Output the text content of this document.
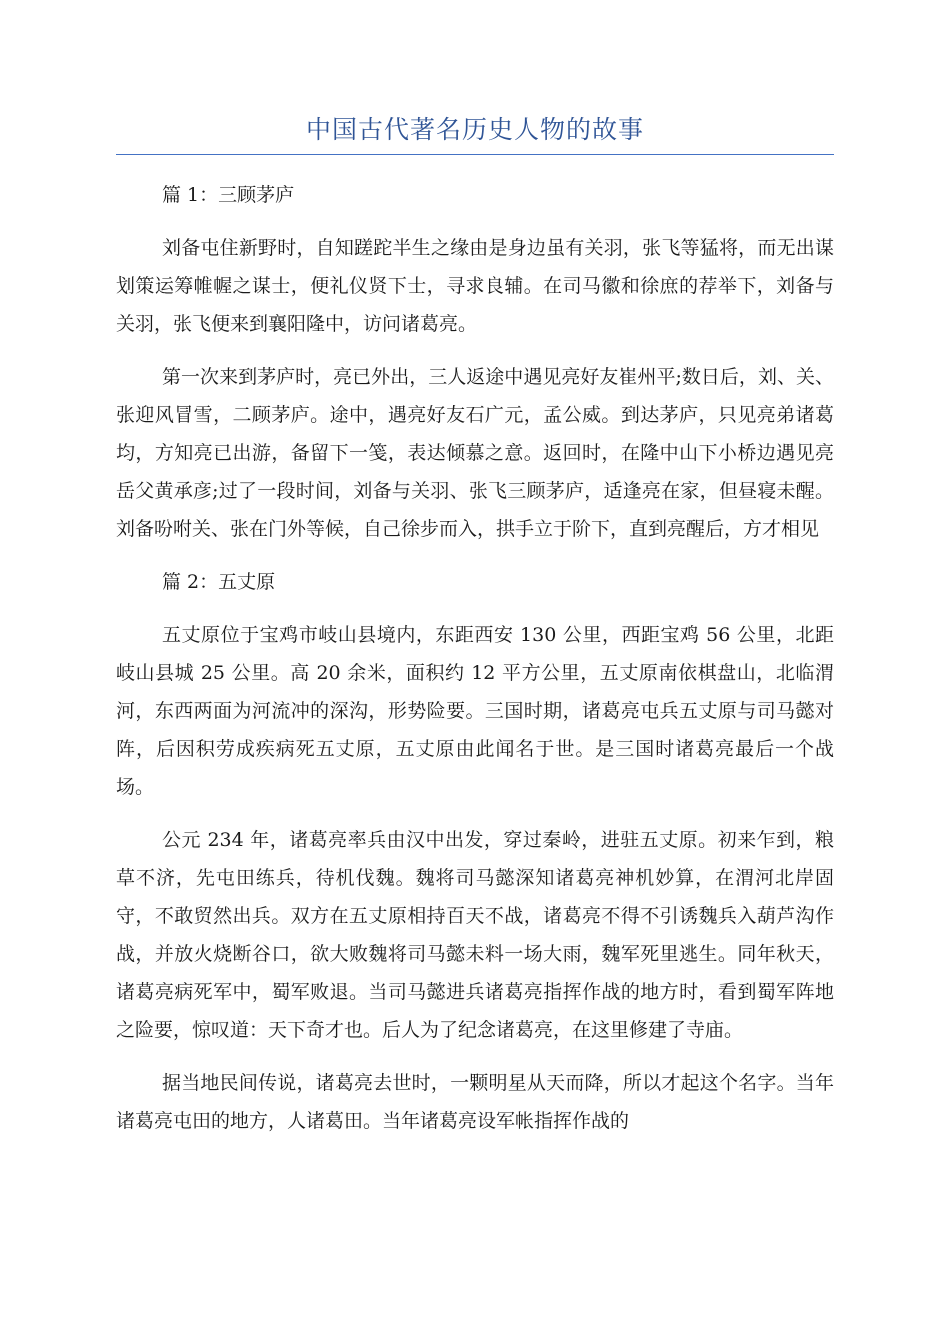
中国古代著名历史人物的故事
篇 1：三顾茅庐

刘备屯住新野时，自知蹉跎半生之缘由是身边虽有关羽，张飞等猛将，而无出谋划策运筹帷幄之谋士，便礼仪贤下士，寻求良辅。在司马徽和徐庶的荐举下，刘备与关羽，张飞便来到襄阳隆中，访问诸葛亮。

第一次来到茅庐时，亮已外出，三人返途中遇见亮好友崔州平;数日后，刘、关、张迎风冒雪，二顾茅庐。途中，遇亮好友石广元，孟公威。到达茅庐，只见亮弟诸葛均，方知亮已出游，备留下一笺，表达倾慕之意。返回时，在隆中山下小桥边遇见亮岳父黄承彦;过了一段时间，刘备与关羽、张飞三顾茅庐，适逢亮在家，但昼寝未醒。刘备吩咐关、张在门外等候，自己徐步而入，拱手立于阶下，直到亮醒后，方才相见

篇 2：五丈原

五丈原位于宝鸡市岐山县境内，东距西安 130 公里，西距宝鸡 56 公里，北距岐山县城 25 公里。高 20 余米，面积约 12 平方公里，五丈原南依棋盘山，北临渭河，东西两面为河流冲的深沟，形势险要。三国时期，诸葛亮屯兵五丈原与司马懿对阵，后因积劳成疾病死五丈原，五丈原由此闻名于世。是三国时诸葛亮最后一个战场。

公元 234 年，诸葛亮率兵由汉中出发，穿过秦岭，进驻五丈原。初来乍到，粮草不济，先屯田练兵，待机伐魏。魏将司马懿深知诸葛亮神机妙算，在渭河北岸固守，不敢贸然出兵。双方在五丈原相持百天不战，诸葛亮不得不引诱魏兵入葫芦沟作战，并放火烧断谷口，欲大败魏将司马懿未料一场大雨，魏军死里逃生。同年秋天，诸葛亮病死军中，蜀军败退。当司马懿进兵诸葛亮指挥作战的地方时，看到蜀军阵地之险要，惊叹道：天下奇才也。后人为了纪念诸葛亮，在这里修建了寺庙。

据当地民间传说，诸葛亮去世时，一颗明星从天而降，所以才起这个名字。当年诸葛亮屯田的地方，人诸葛田。当年诸葛亮设军帐指挥作战的
